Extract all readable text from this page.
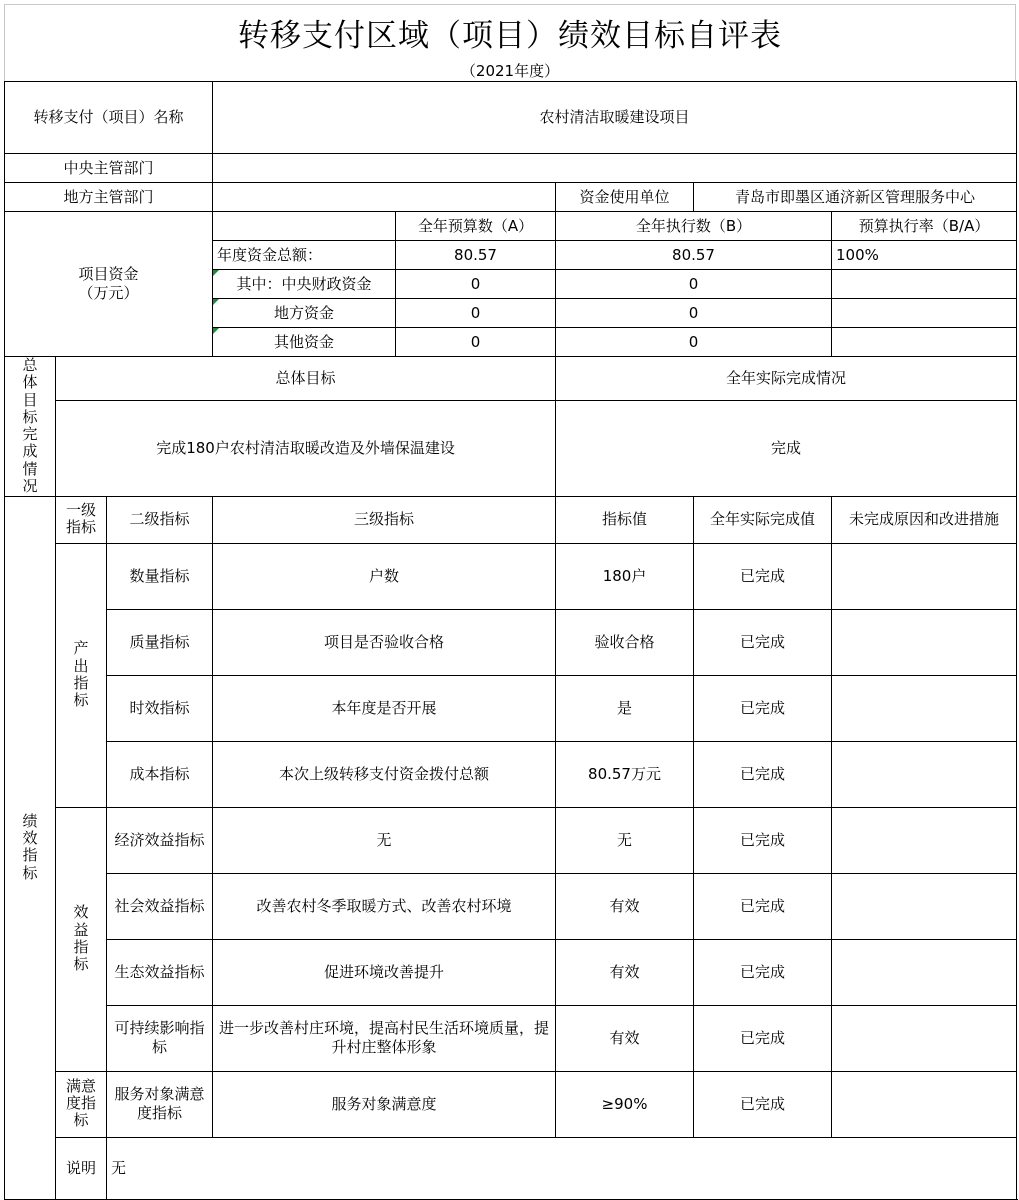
转移支付区域（项目）绩效目标自评表
（2021年度）
转移支付（项目）名称			农村清洁取暖建设项目				
中央主管部门							
地方主管部门					资金使用单位	青岛市即墨区通济新区管理服务中心	

项目资金
（万元）				全年预算数（A）	全年执行数（B）		预算执行率（B/A）
			年度资金总额：	80.57	80.57		100%
			其中：中央财政资金	0	0		
			地方资金	0	0		
			其他资金	0	0		
总体目标完成情况	总体目标				全年实际完成情况		
	完成180户农村清洁取暖改造及外墙保温建设				完成		
绩效指标	一级指标	二级指标	三级指标		指标值	全年实际完成值	未完成原因和改进措施
	产出指标	数量指标	户数		180户	已完成	
		质量指标	项目是否验收合格		验收合格	已完成	
		时效指标	本年度是否开展		是	已完成	
		成本指标	本次上级转移支付资金拨付总额		80.57万元	已完成	
	效益指标	经济效益指标	无		无	已完成	
		社会效益指标	改善农村冬季取暖方式、改善农村环境		有效	已完成	
		生态效益指标	促进环境改善提升		有效	已完成	
		可持续影响指标	进一步改善村庄环境，提高村民生活环境质量，提升村庄整体形象		有效	已完成	
	满意度指标	服务对象满意度指标	服务对象满意度		≥90%	已完成	
	说明	无					
